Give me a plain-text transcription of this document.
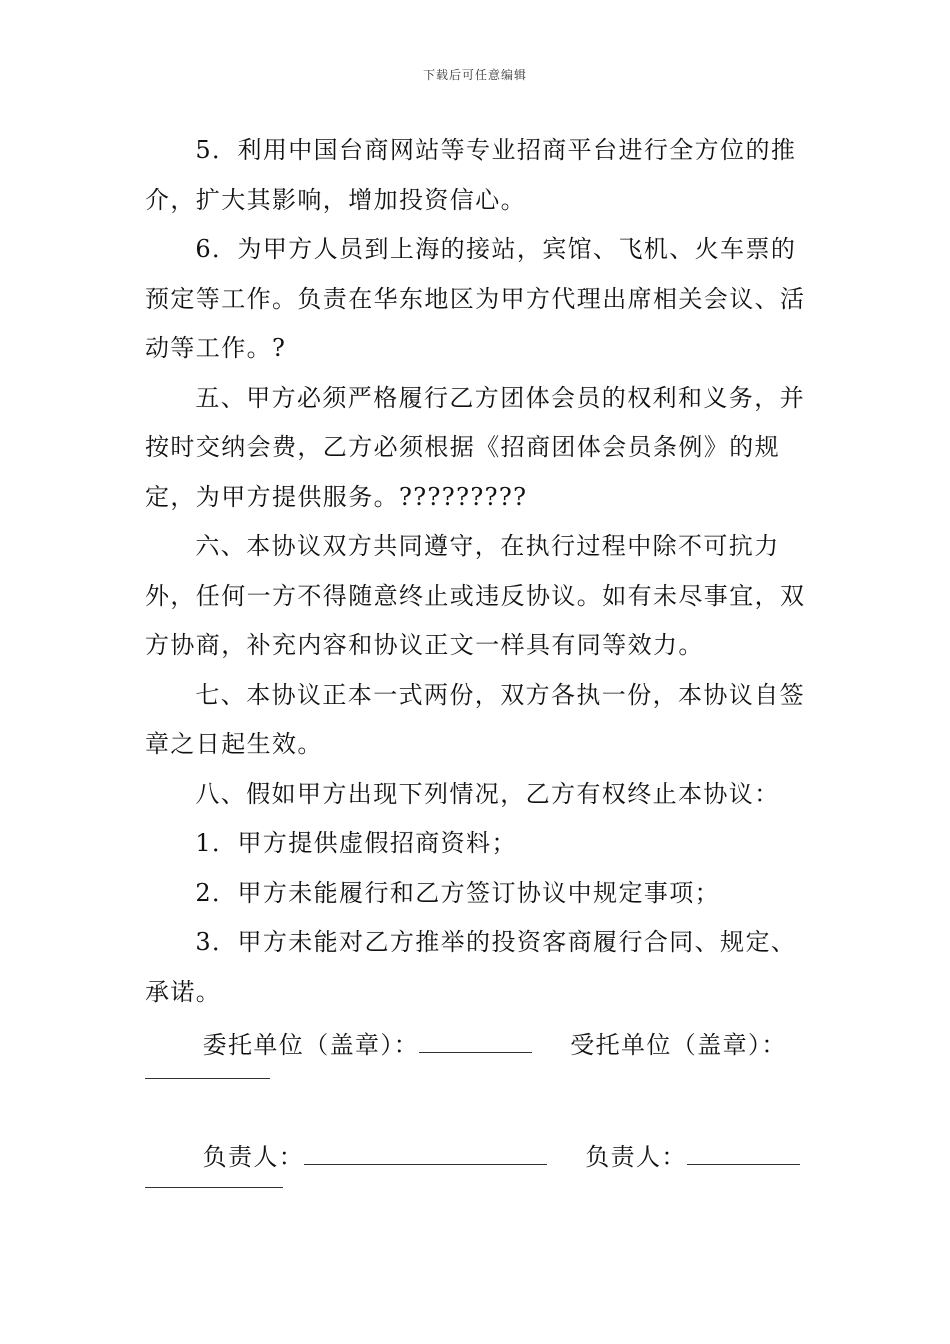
下载后可任意编辑

5．利用中国台商网站等专业招商平台进行全方位的推介，扩大其影响，增加投资信心。

6．为甲方人员到上海的接站，宾馆、飞机、火车票的预定等工作。负责在华东地区为甲方代理出席相关会议、活动等工作。?

五、甲方必须严格履行乙方团体会员的权利和义务，并按时交纳会费，乙方必须根据《招商团体会员条例》的规定，为甲方提供服务。?????????

六、本协议双方共同遵守，在执行过程中除不可抗力外，任何一方不得随意终止或违反协议。如有未尽事宜，双方协商，补充内容和协议正文一样具有同等效力。

七、本协议正本一式两份，双方各执一份，本协议自签章之日起生效。

八、假如甲方出现下列情况，乙方有权终止本协议：

1．甲方提供虚假招商资料；

2．甲方未能履行和乙方签订协议中规定事项；

3．甲方未能对乙方推举的投资客商履行合同、规定、承诺。

委托单位（盖章）：	受托单位（盖章）：
负责人：	负责人：
